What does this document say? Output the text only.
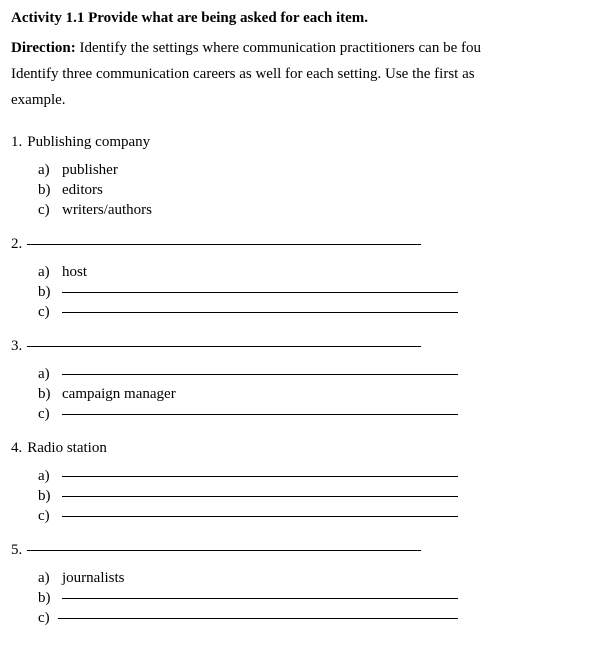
Activity 1.1 Provide what are being asked for each item.
Direction: Identify the settings where communication practitioners can be fou
Identify three communication careers as well for each setting. Use the first as
example.
1. Publishing company
a) publisher
b) editors
c) writers/authors
2.
a) host
b)
c)
3.
a)
b) campaign manager
c)
4. Radio station
a)
b)
c)
5.
a) journalists
b)
c)
